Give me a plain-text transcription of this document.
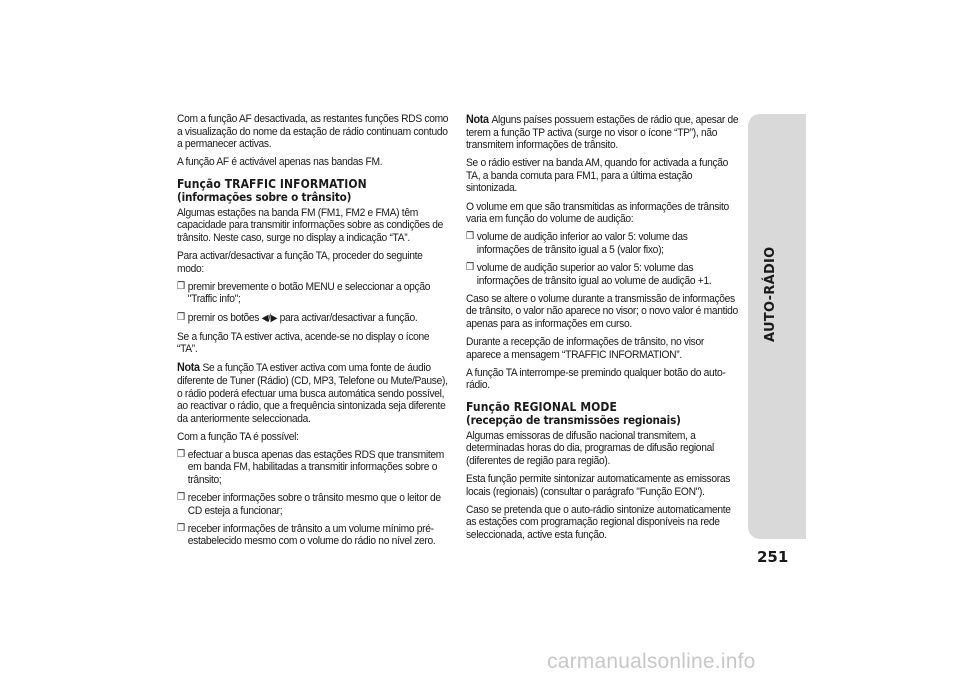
Com a função AF desactivada, as restantes funções RDS como a visualização do nome da estação de rádio continuam contudo a permanecer activas.

A função AF é activável apenas nas bandas FM.

Função TRAFFIC INFORMATION
(informações sobre o trânsito)

Algumas estações na banda FM (FM1, FM2 e FMA) têm capacidade para transmitir informações sobre as condições de trânsito. Neste caso, surge no display a indicação “TA”.

Para activar/desactivar a função TA, proceder do seguinte modo:

❒ premir brevemente o botão MENU e seleccionar a opção "Traffic info";
❒ premir os botões ◀/▶ para activar/desactivar a função.

Se a função TA estiver activa, acende-se no display o ícone “TA”.

Nota Se a função TA estiver activa com uma fonte de áudio diferente de Tuner (Rádio) (CD, MP3, Telefone ou Mute/Pause), o rádio poderá efectuar uma busca automática sendo possível, ao reactivar o rádio, que a frequência sintonizada seja diferente da anteriormente seleccionada.

Com a função TA é possível:

❒ efectuar a busca apenas das estações RDS que transmitem em banda FM, habilitadas a transmitir informações sobre o trânsito;
❒ receber informações sobre o trânsito mesmo que o leitor de CD esteja a funcionar;
❒ receber informações de trânsito a um volume mínimo pré-estabelecido mesmo com o volume do rádio no nível zero.

Nota Alguns países possuem estações de rádio que, apesar de terem a função TP activa (surge no visor o ícone “TP”), não transmitem informações de trânsito.

Se o rádio estiver na banda AM, quando for activada a função TA, a banda comuta para FM1, para a última estação sintonizada.

O volume em que são transmitidas as informações de trânsito varia em função do volume de audição:

❒ volume de audição inferior ao valor 5: volume das informações de trânsito igual a 5 (valor fixo);
❒ volume de audição superior ao valor 5: volume das informações de trânsito igual ao volume de audição +1.

Caso se altere o volume durante a transmissão de informações de trânsito, o valor não aparece no visor; o novo valor é mantido apenas para as informações em curso.

Durante a recepção de informações de trânsito, no visor aparece a mensagem “TRAFFIC INFORMATION”.

A função TA interrompe-se premindo qualquer botão do auto-rádio.

Função REGIONAL MODE
(recepção de transmissões regionais)

Algumas emissoras de difusão nacional transmitem, a determinadas horas do dia, programas de difusão regional (diferentes de região para região).

Esta função permite sintonizar automaticamente as emissoras locais (regionais) (consultar o parágrafo "Função EON").

Caso se pretenda que o auto-rádio sintonize automaticamente as estações com programação regional disponíveis na rede seleccionada, active esta função.

AUTO-RÁDIO
251
carmanualsonline.info
